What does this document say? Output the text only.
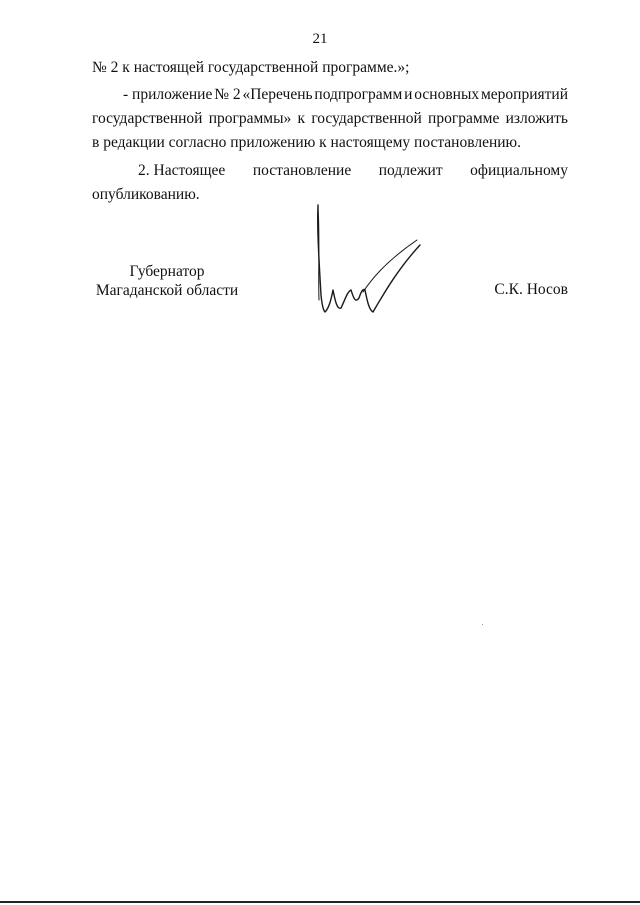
21
№ 2 к настоящей государственной программе.»;
- приложение № 2 «Перечень подпрограмм и основных мероприятий
государственной программы» к государственной программе изложить
в редакции согласно приложению к настоящему постановлению.
2. Настоящее постановление подлежит официальному
опубликованию.
Губернатор
Магаданской области	С.К. Носов
